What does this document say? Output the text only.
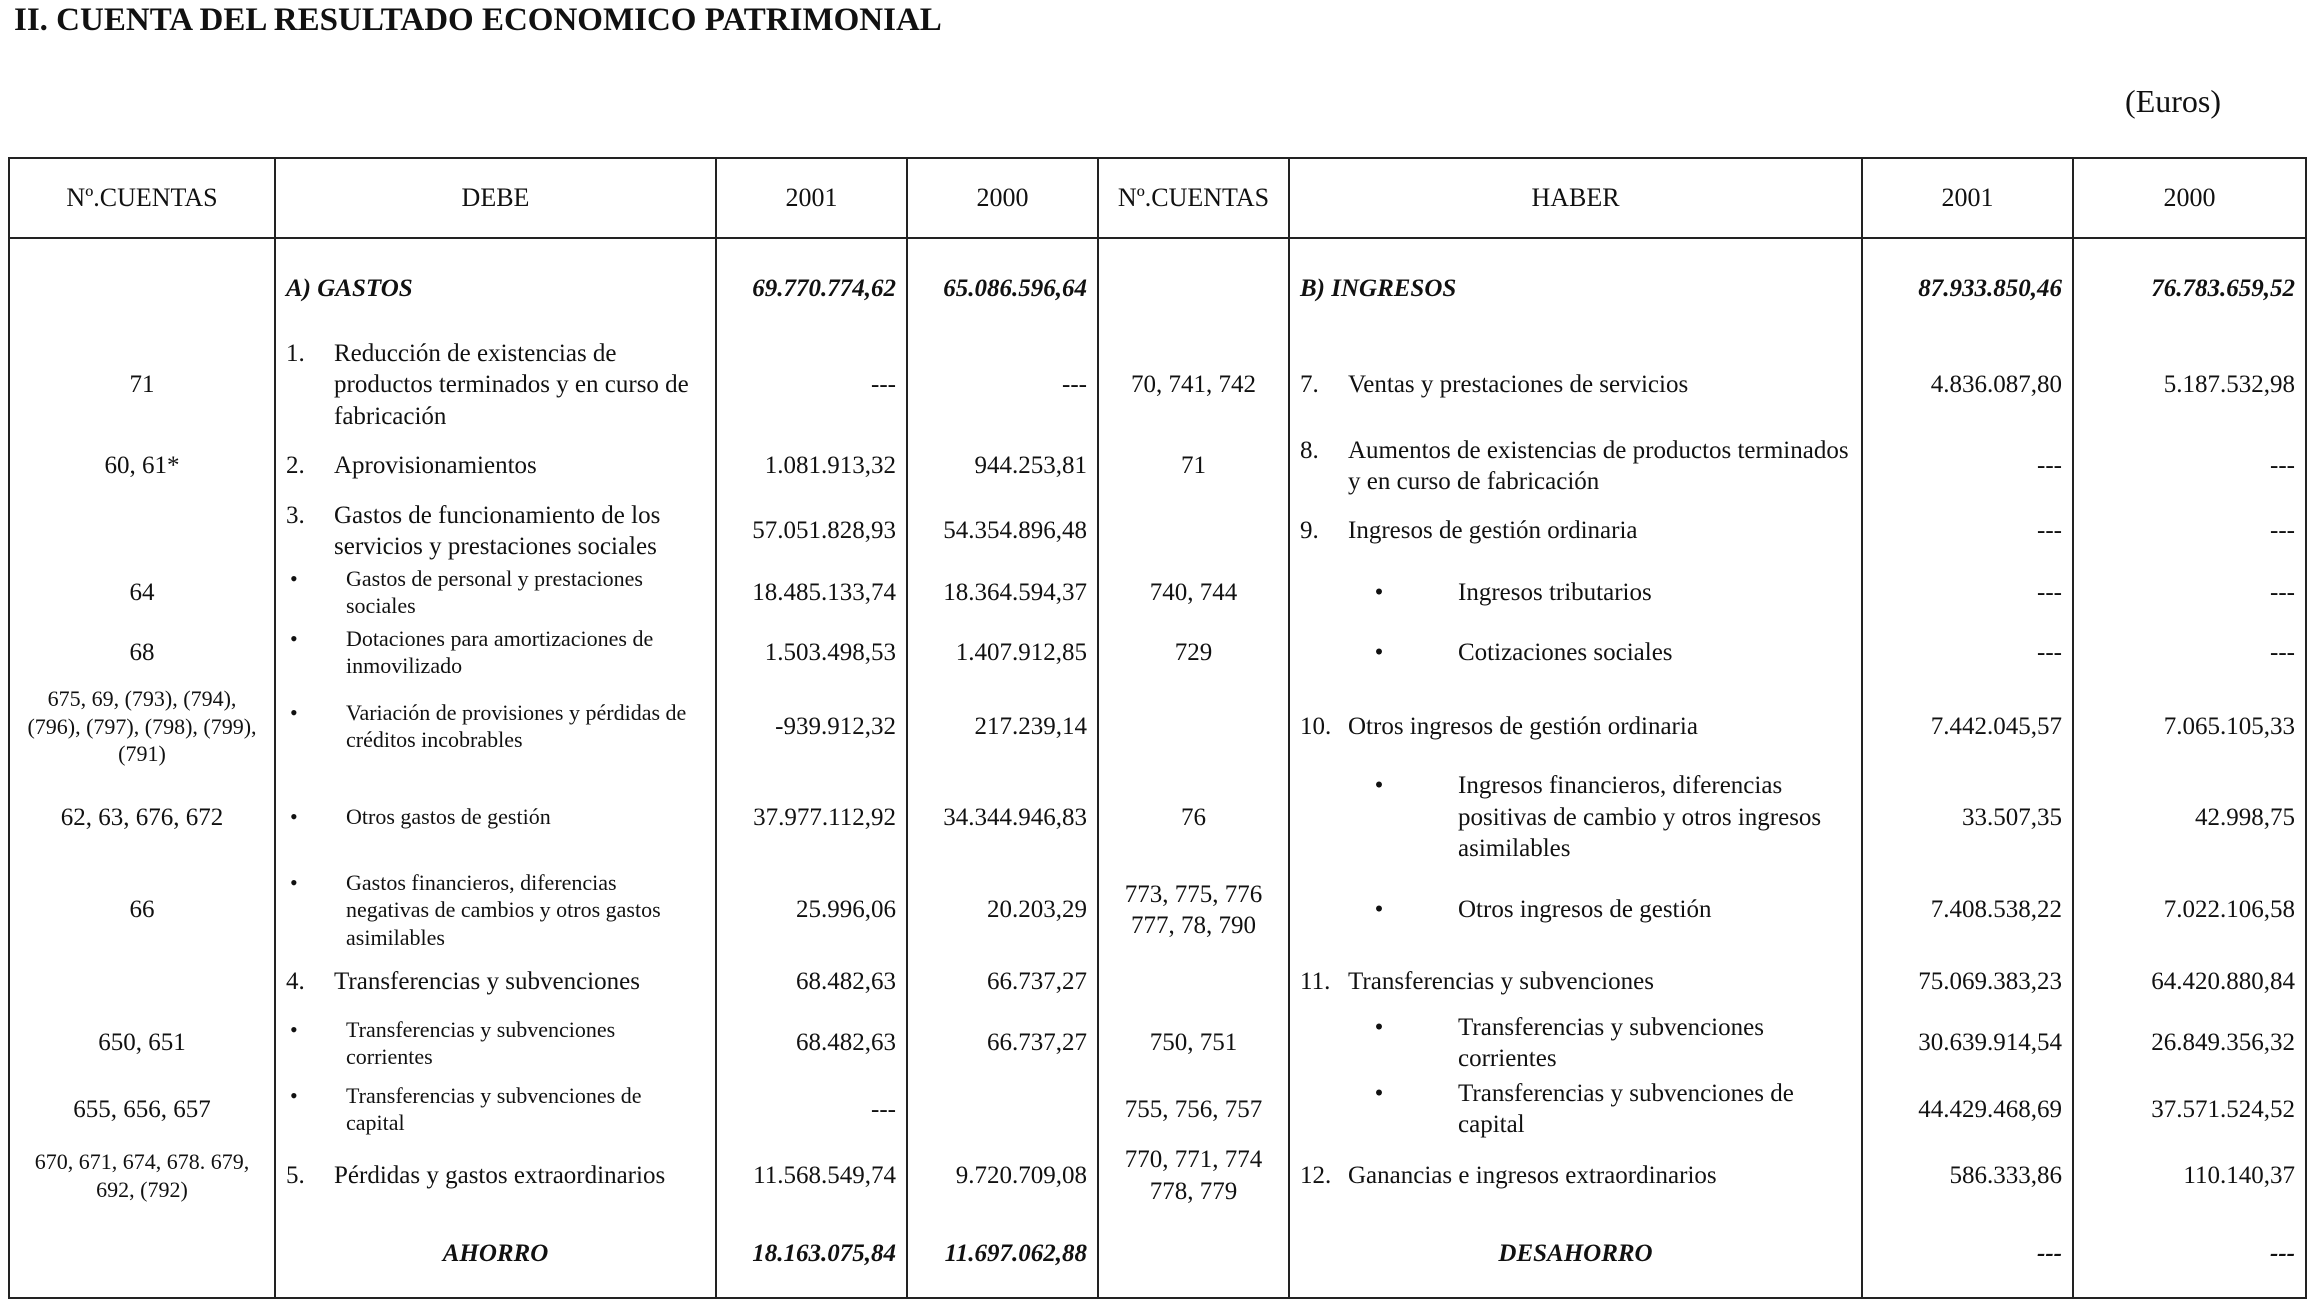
II. CUENTA DEL RESULTADO ECONOMICO PATRIMONIAL
(Euros)
Nº.CUENTAS	DEBE	2001	2000	Nº.CUENTAS	HABER	2001	2000
	A) GASTOS	69.770.774,62	65.086.596,64		B) INGRESOS	87.933.850,46	76.783.659,52
71	1. Reducción de existencias de productos terminados y en curso de fabricación	---	---	70, 741, 742	7. Ventas y prestaciones de servicios	4.836.087,80	5.187.532,98
60, 61*	2. Aprovisionamientos	1.081.913,32	944.253,81	71	8. Aumentos de existencias de productos terminados y en curso de fabricación	---	---

	3. Gastos de funcionamiento de los servicios y prestaciones sociales	57.051.828,93	54.354.896,48		9. Ingresos de gestión ordinaria	---	---
64	• Gastos de personal y prestaciones sociales	18.485.133,74	18.364.594,37	740, 744	• Ingresos tributarios	---	---
68	• Dotaciones para amortizaciones de inmovilizado	1.503.498,53	1.407.912,85	729	• Cotizaciones sociales	---	---
675, 69, (793), (794), (796), (797), (798), (799), (791)	• Variación de provisiones y pérdidas de créditos incobrables	-939.912,32	217.239,14		10. Otros ingresos de gestión ordinaria	7.442.045,57	7.065.105,33
62, 63, 676, 672	• Otros gastos de gestión	37.977.112,92	34.344.946,83	76	• Ingresos financieros, diferencias positivas de cambio y otros ingresos asimilables	33.507,35	42.998,75
66	• Gastos financieros, diferencias negativas de cambios y otros gastos asimilables	25.996,06	20.203,29	773, 775, 776 777, 78, 790	• Otros ingresos de gestión	7.408.538,22	7.022.106,58

	4. Transferencias y subvenciones	68.482,63	66.737,27		11. Transferencias y subvenciones	75.069.383,23	64.420.880,84
650, 651	• Transferencias y subvenciones corrientes	68.482,63	66.737,27	750, 751	• Transferencias y subvenciones corrientes	30.639.914,54	26.849.356,32
655, 656, 657	• Transferencias y subvenciones de capital	---		755, 756, 757	• Transferencias y subvenciones de capital	44.429.468,69	37.571.524,52
670, 671, 674, 678. 679, 692, (792)	5. Pérdidas y gastos extraordinarios	11.568.549,74	9.720.709,08	770, 771, 774 778, 779	12. Ganancias e ingresos extraordinarios	586.333,86	110.140,37
	AHORRO	18.163.075,84	11.697.062,88		DESAHORRO	---	---
